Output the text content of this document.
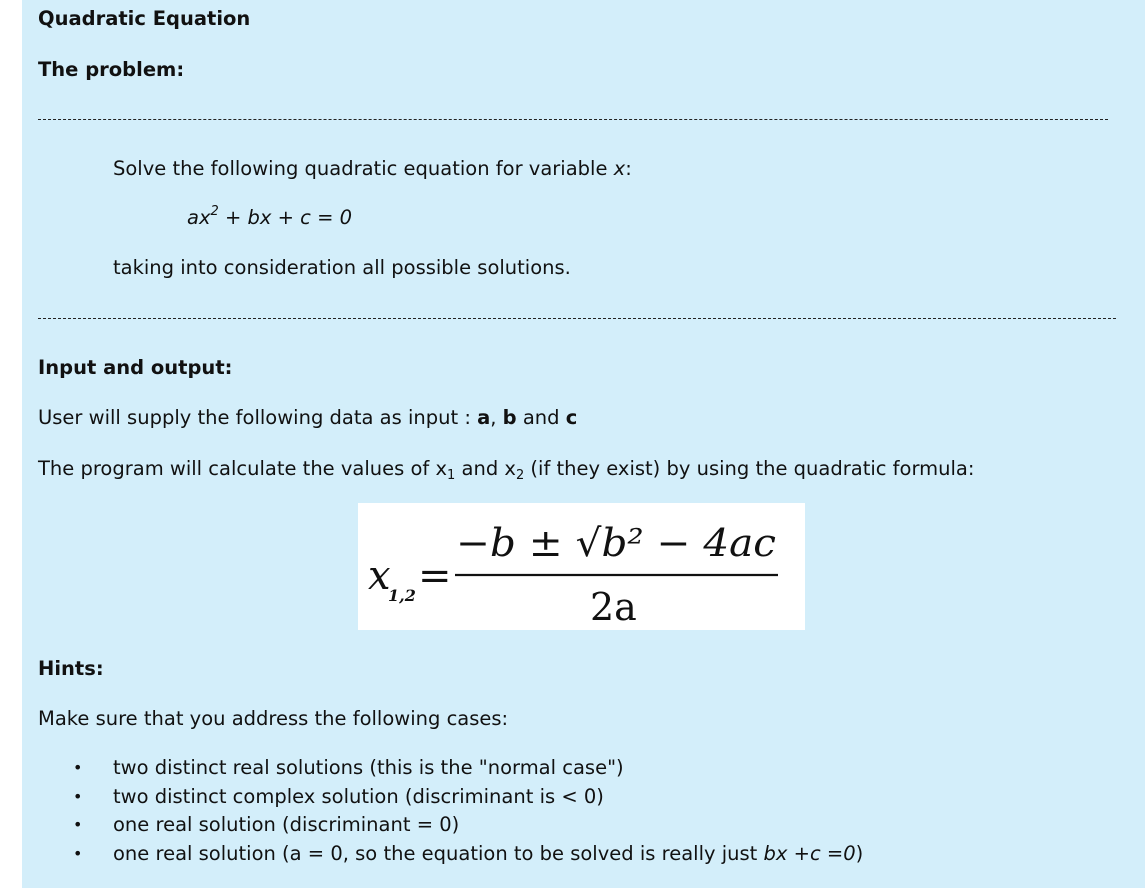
Quadratic Equation
The problem:
Solve the following quadratic equation for variable x:
$ax^2$ + bx + c = 0
taking into consideration all possible solutions.
Input and output:
User will supply the following data as input : a, b and c
The program will calculate the values of $x_1$ and $x_2$ (if they exist) by using the quadratic formula:
x
1,2 =
−b ± √b² − 4ac
2a
Hints:
Make sure that you address the following cases:
• two distinct real solutions (this is the "normal case")
• two distinct complex solution (discriminant is < 0)
• one real solution (discriminant = 0)
• one real solution (a = 0, so the equation to be solved is really just bx +c =0)
